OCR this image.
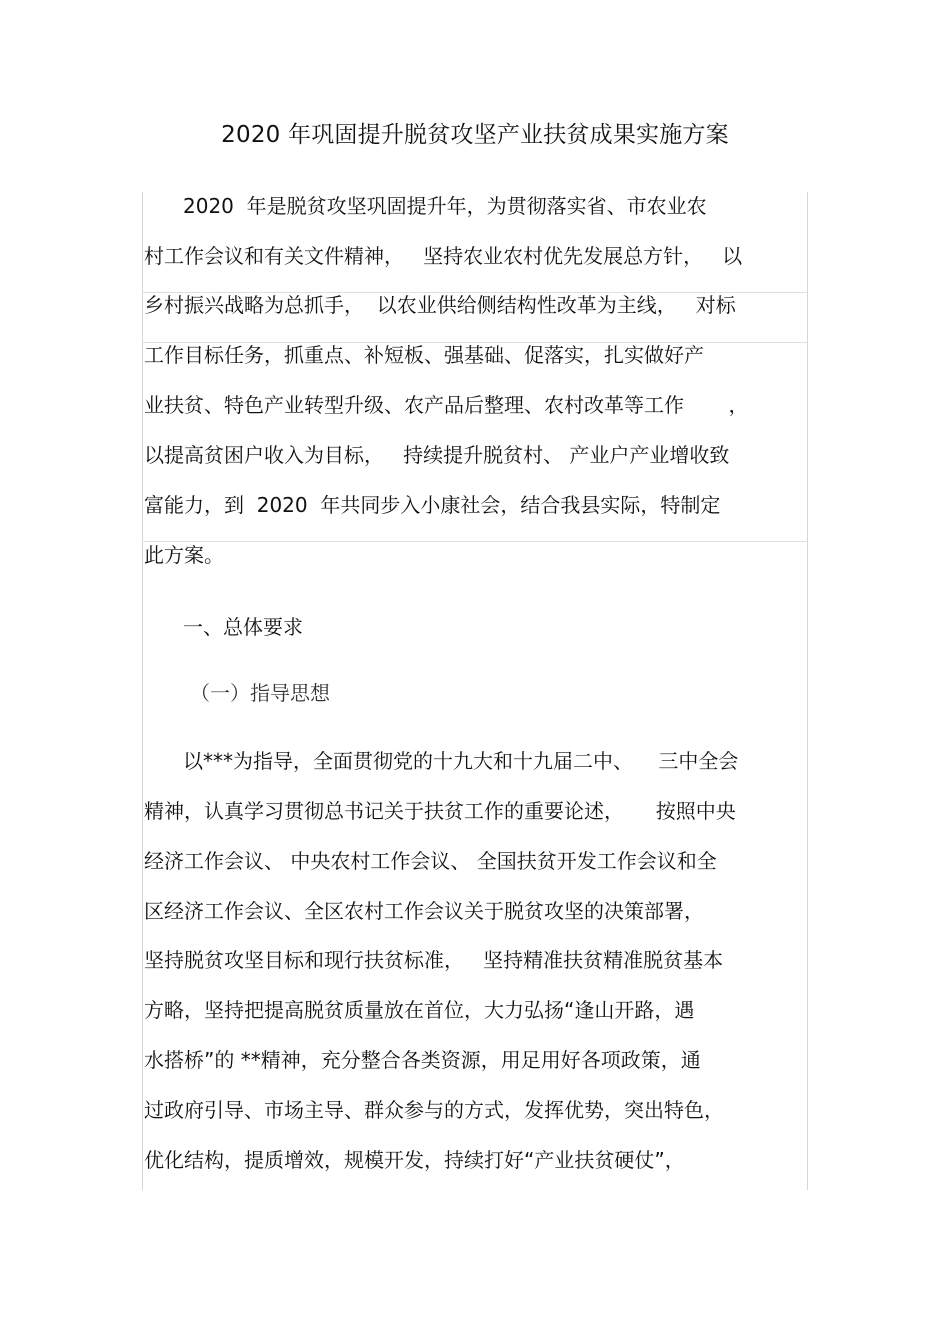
2020 年巩固提升脱贫攻坚产业扶贫成果实施方案
2020  年是脱贫攻坚巩固提升年，为贯彻落实省、市农业农
村工作会议和有关文件精神，   坚持农业农村优先发展总方针，   以
乡村振兴战略为总抓手，  以农业供给侧结构性改革为主线，   对标
工作目标任务，抓重点、补短板、强基础、促落实，扎实做好产
业扶贫、特色产业转型升级、农产品后整理、农村改革等工作       ，
以提高贫困户收入为目标，   持续提升脱贫村、 产业户产业增收致
富能力，到  2020  年共同步入小康社会，结合我县实际，特制定
此方案。
一、总体要求
（一）指导思想
以***为指导，全面贯彻党的十九大和十九届二中、    三中全会
精神，认真学习贯彻总书记关于扶贫工作的重要论述，     按照中央
经济工作会议、 中央农村工作会议、 全国扶贫开发工作会议和全
区经济工作会议、全区农村工作会议关于脱贫攻坚的决策部署，
坚持脱贫攻坚目标和现行扶贫标准，   坚持精准扶贫精准脱贫基本
方略，坚持把提高脱贫质量放在首位，大力弘扬“逢山开路，遇
水搭桥”的 **精神，充分整合各类资源，用足用好各项政策，通
过政府引导、市场主导、群众参与的方式，发挥优势，突出特色，
优化结构，提质增效，规模开发，持续打好“产业扶贫硬仗”，
